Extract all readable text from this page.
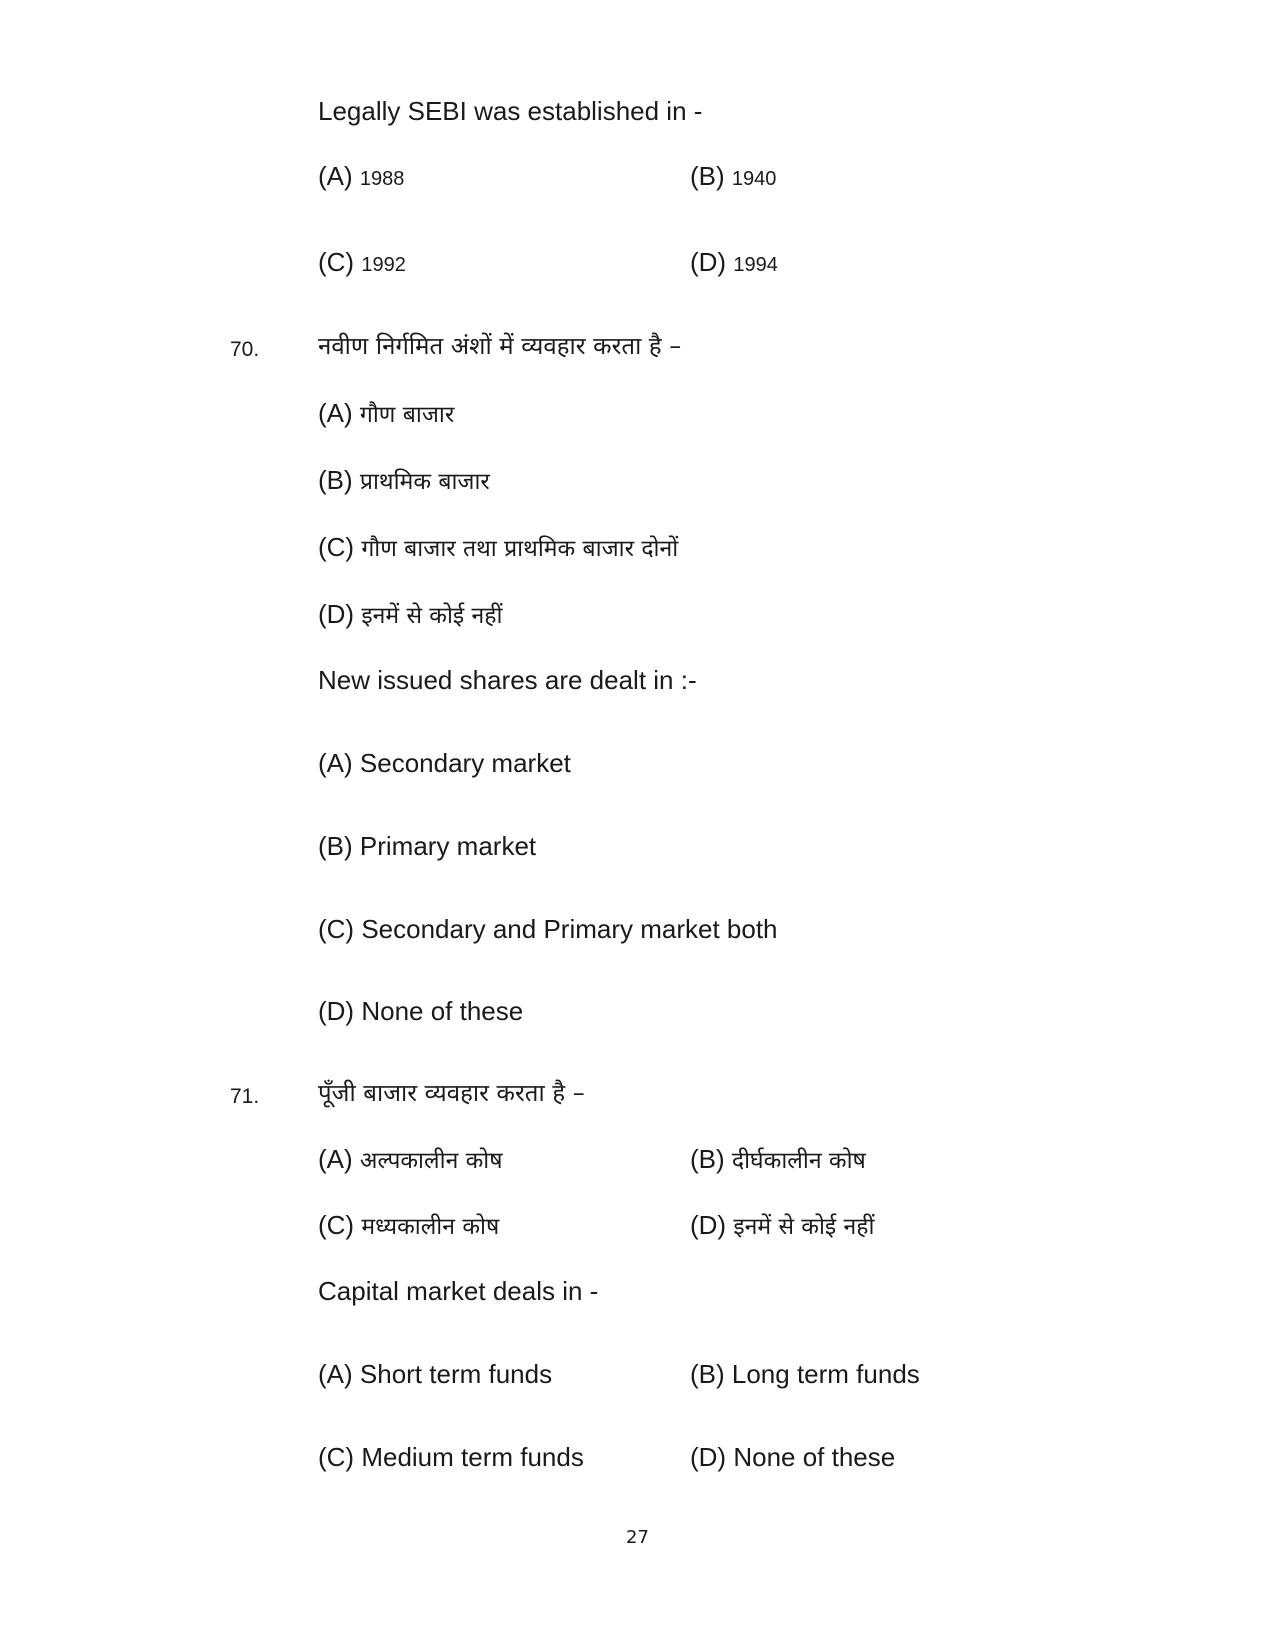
Legally SEBI was established in -
(A) 1988	(B) 1940
(C) 1992	(D) 1994
70. नवीण निर्गमित अंशों में व्यवहार करता है –
(A) गौण बाजार
(B) प्राथमिक बाजार
(C) गौण बाजार तथा प्राथमिक बाजार दोनों
(D) इनमें से कोई नहीं
New issued shares are dealt in :-
(A) Secondary market
(B) Primary market
(C) Secondary and Primary market both
(D) None of these
71. पूँजी बाजार व्यवहार करता है –
(A) अल्पकालीन कोष	(B) दीर्घकालीन कोष
(C) मध्यकालीन कोष	(D) इनमें से कोई नहीं
Capital market deals in -
(A) Short term funds	(B) Long term funds
(C) Medium term funds	(D) None of these
27
